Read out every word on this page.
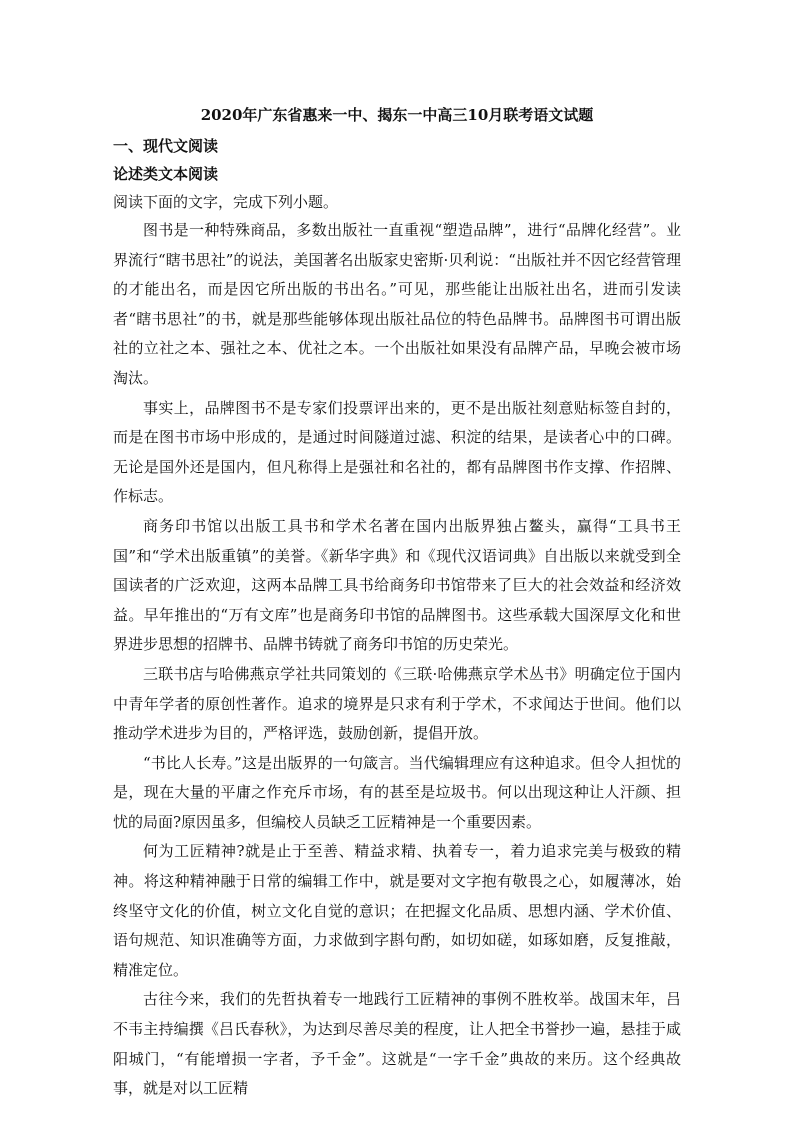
2020年广东省惠来一中、揭东一中高三10月联考语文试题

一、现代文阅读

论述类文本阅读

阅读下面的文字，完成下列小题。

图书是一种特殊商品，多数出版社一直重视“塑造品牌”，进行“品牌化经营”。业界流行“瞎书思社”的说法，美国著名出版家史密斯·贝利说：“出版社并不因它经营管理的才能出名，而是因它所出版的书出名。”可见，那些能让出版社出名，进而引发读者“瞎书思社”的书，就是那些能够体现出版社品位的特色品牌书。品牌图书可谓出版社的立社之本、强社之本、优社之本。一个出版社如果没有品牌产品，早晚会被市场淘汰。

事实上，品牌图书不是专家们投票评出来的，更不是出版社刻意贴标签自封的，而是在图书市场中形成的，是通过时间隧道过滤、积淀的结果，是读者心中的口碑。无论是国外还是国内，但凡称得上是强社和名社的，都有品牌图书作支撑、作招牌、作标志。

商务印书馆以出版工具书和学术名著在国内出版界独占鳌头，赢得“工具书王国”和“学术出版重镇”的美誉。《新华字典》和《现代汉语词典》自出版以来就受到全国读者的广泛欢迎，这两本品牌工具书给商务印书馆带来了巨大的社会效益和经济效益。早年推出的“万有文库”也是商务印书馆的品牌图书。这些承载大国深厚文化和世界进步思想的招牌书、品牌书铸就了商务印书馆的历史荣光。

三联书店与哈佛燕京学社共同策划的《三联·哈佛燕京学术丛书》明确定位于国内中青年学者的原创性著作。追求的境界是只求有利于学术，不求闻达于世间。他们以推动学术进步为目的，严格评选，鼓励创新，提倡开放。

“书比人长寿。”这是出版界的一句箴言。当代编辑理应有这种追求。但令人担忧的是，现在大量的平庸之作充斥市场，有的甚至是垃圾书。何以出现这种让人汗颜、担忧的局面?原因虽多，但编校人员缺乏工匠精神是一个重要因素。

何为工匠精神?就是止于至善、精益求精、执着专一，着力追求完美与极致的精神。将这种精神融于日常的编辑工作中，就是要对文字抱有敬畏之心，如履薄冰，始终坚守文化的价值，树立文化自觉的意识；在把握文化品质、思想内涵、学术价值、语句规范、知识准确等方面，力求做到字斟句酌，如切如磋，如琢如磨，反复推敲，精准定位。

古往今来，我们的先哲执着专一地践行工匠精神的事例不胜枚举。战国末年，吕不韦主持编撰《吕氏春秋》，为达到尽善尽美的程度，让人把全书誉抄一遍，悬挂于咸阳城门，“有能增损一字者，予千金”。这就是“一字千金”典故的来历。这个经典故事，就是对以工匠精
